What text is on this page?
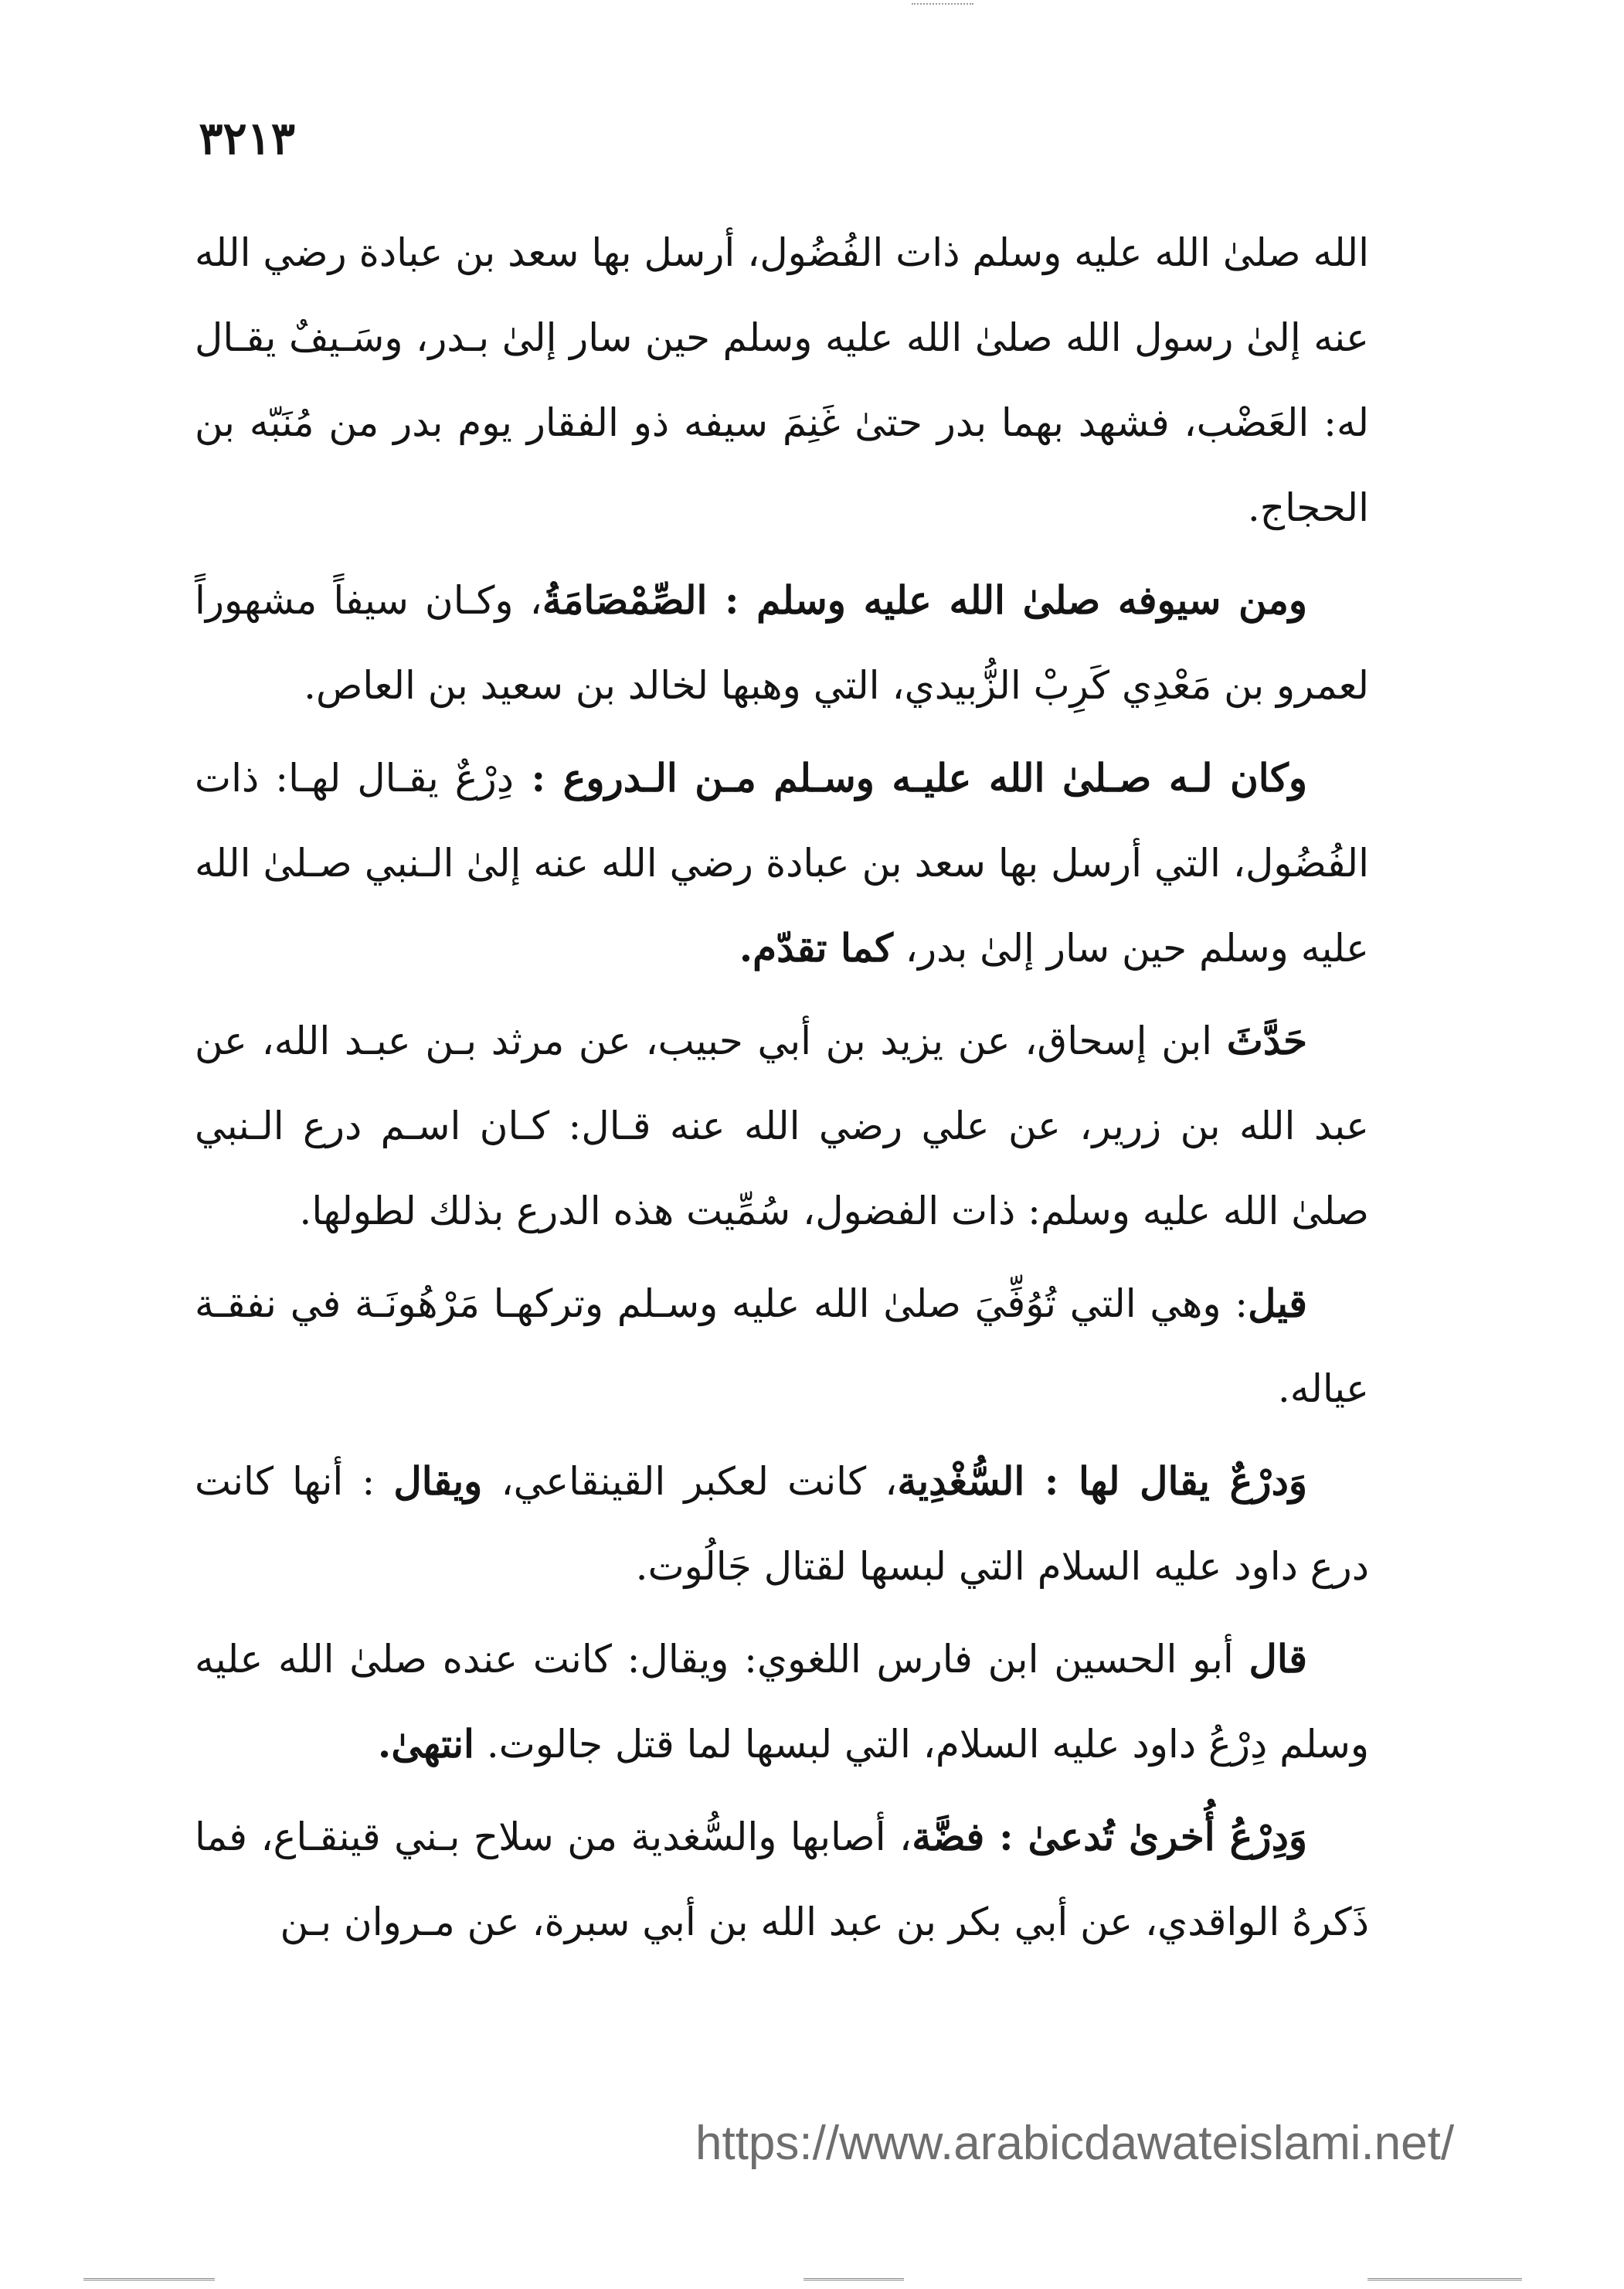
٣٢١٣

الله صلىٰ الله عليه وسلم ذات الفُضُول، أرسل بها سعد بن عبادة رضي الله عنه إلىٰ رسول الله صلىٰ الله عليه وسلم حين سار إلىٰ بـدر، وسَـيفٌ يقـال له: العَضْب، فشهد بهما بدر حتىٰ غَنِمَ سيفه ذو الفقار يوم بدر من مُنَبّه بن الحجاج.

ومن سيوفه صلىٰ الله عليه وسلم : الصِّمْصَامَةُ، وكـان سيفاً مشهوراً لعمرو بن مَعْدِي كَرِبْ الزُّبيدي، التي وهبها لخالد بن سعيد بن العاص.

وكان لـه صـلىٰ الله عليـه وسـلم مـن الـدروع : دِرْعٌ يقـال لهـا: ذات الفُضُول، التي أرسل بها سعد بن عبادة رضي الله عنه إلىٰ الـنبي صـلىٰ الله عليه وسلم حين سار إلىٰ بدر، كما تقدّم.

حَدَّثَ ابن إسحاق، عن يزيد بن أبي حبيب، عن مرثد بـن عبـد الله، عن عبد الله بن زرير، عن علي رضي الله عنه قـال: كـان اسـم درع الـنبي صلىٰ الله عليه وسلم: ذات الفضول، سُمِّيت هذه الدرع بذلك لطولها.

قيل: وهي التي تُوُفِّيَ صلىٰ الله عليه وسـلم وتركهـا مَرْهُونَـة في نفقـة عياله.

وَدرْعٌ يقال لها : السُّغْدِية، كانت لعكبر القينقاعي، ويقال : أنها كانت درع داود عليه السلام التي لبسها لقتال جَالُوت.

قال أبو الحسين ابن فارس اللغوي: ويقال: كانت عنده صلىٰ الله عليه وسلم دِرْعُ داود عليه السلام، التي لبسها لما قتل جالوت. انتهىٰ.

وَدِرْعُ أُخرىٰ تُدعىٰ : فضَّة، أصابها والسُّغدية من سلاح بـني قينقـاع، فما ذَكرهُ الواقدي، عن أبي بكر بن عبد الله بن أبي سبرة، عن مـروان بـن

https://www.arabicdawateislami.net/
